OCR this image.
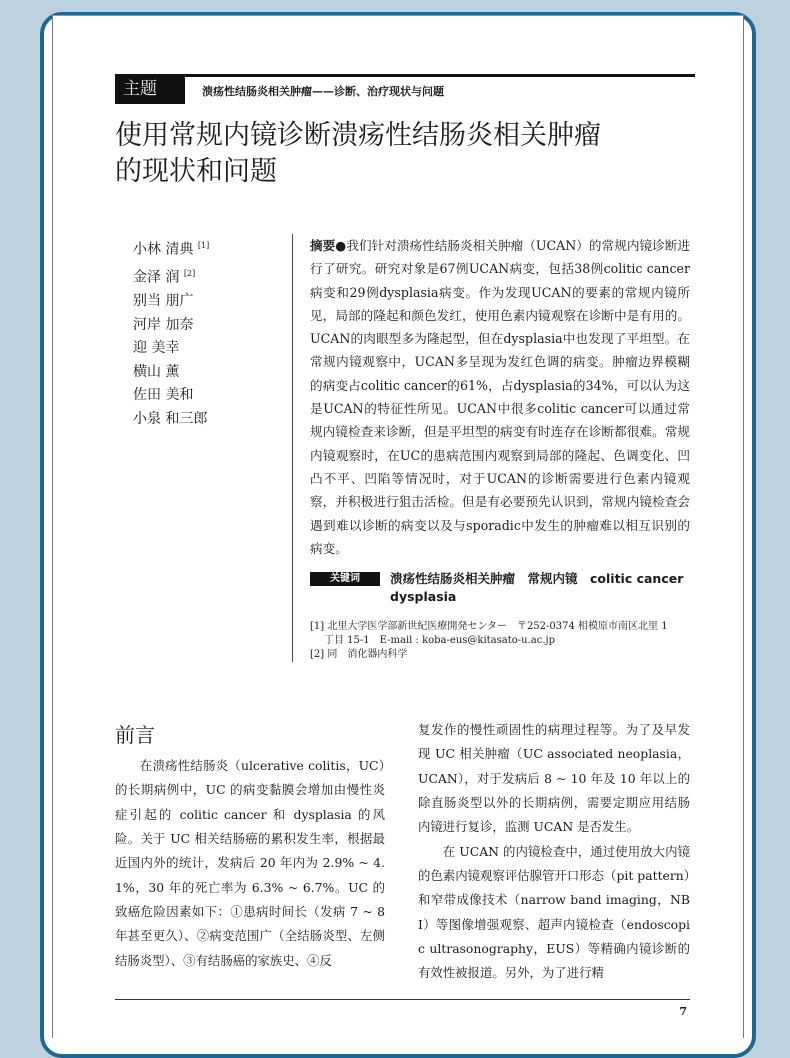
主题	溃疡性结肠炎相关肿瘤——诊断、治疗现状与问题
使用常规内镜诊断溃疡性结肠炎相关肿瘤
的现状和问题
小林 清典 [1]
金泽 润 [2]
别当 朋广
河岸 加奈
迎 美幸
横山 薰
佐田 美和
小泉 和三郎
摘要●我们针对溃疡性结肠炎相关肿瘤（UCAN）的常规内镜诊断进行了研究。研究对象是67例UCAN病变，包括38例colitic cancer病变和29例dysplasia病变。作为发现UCAN的要素的常规内镜所见，局部的隆起和颜色发红，使用色素内镜观察在诊断中是有用的。UCAN的肉眼型多为隆起型，但在dysplasia中也发现了平坦型。在常规内镜观察中，UCAN多呈现为发红色调的病变。肿瘤边界模糊的病变占colitic cancer的61%，占dysplasia的34%，可以认为这是UCAN的特征性所见。UCAN中很多colitic cancer可以通过常规内镜检查来诊断，但是平坦型的病变有时连存在诊断都很难。常规内镜观察时，在UC的患病范围内观察到局部的隆起、色调变化、凹凸不平、凹陷等情况时，对于UCAN的诊断需要进行色素内镜观察，并积极进行狙击活检。但是有必要预先认识到，常规内镜检查会遇到难以诊断的病变以及与sporadic中发生的肿瘤难以相互识别的病变。
关键词	溃疡性结肠炎相关肿瘤　常规内镜　colitic cancer
dysplasia
[1] 北里大学医学部新世紀医療開発センター　〒252-0374 相模原市南区北里 1
丁目 15-1　E-mail : koba-eus@kitasato-u.ac.jp
[2] 同　消化器内科学
前言

在溃疡性结肠炎（ulcerative colitis，UC）的长期病例中，UC 的病变黏膜会增加由慢性炎症引起的 colitic cancer 和 dysplasia 的风险。关于 UC 相关结肠癌的累积发生率，根据最近国内外的统计，发病后 20 年内为 2.9% ~ 4.1%，30 年的死亡率为 6.3% ~ 6.7%。UC 的致癌危险因素如下：①患病时间长（发病 7 ~ 8 年甚至更久）、②病变范围广（全结肠炎型、左侧结肠炎型）、③有结肠癌的家族史、④反

复发作的慢性顽固性的病理过程等。为了及早发现 UC 相关肿瘤（UC associated neoplasia，UCAN），对于发病后 8 ~ 10 年及 10 年以上的除直肠炎型以外的长期病例，需要定期应用结肠内镜进行复诊，监测 UCAN 是否发生。

在 UCAN 的内镜检查中，通过使用放大内镜的色素内镜观察评估腺管开口形态（pit pattern）和窄带成像技术（narrow band imaging，NBI）等图像增强观察、超声内镜检查（endoscopic ultrasonography，EUS）等精确内镜诊断的有效性被报道。另外，为了进行精

7
